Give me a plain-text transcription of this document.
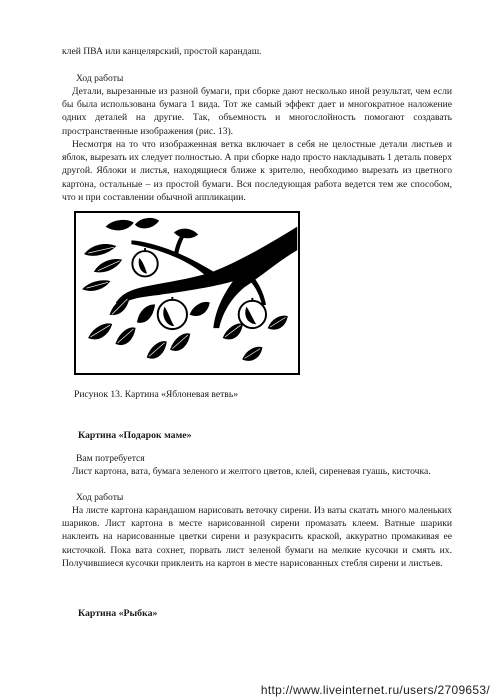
клей ПВА или канцелярский, простой карандаш.

Ход работы

Детали, вырезанные из разной бумаги, при сборке дают несколько иной результат, чем если бы была использована бумага 1 вида. Тот же самый эффект дает и многократное наложение одних деталей на другие. Так, объемность и многослойность помогают создавать пространственные изображения (рис. 13).

Несмотря на то что изображенная ветка включает в себя не целостные детали листьев и яблок, вырезать их следует полностью. А при сборке надо просто накладывать 1 деталь поверх другой. Яблоки и листья, находящиеся ближе к зрителю, необходимо вырезать из цветного картона, остальные – из простой бумаги. Вся последующая работа ведется тем же способом, что и при составлении обычной аппликации.

Рисунок 13. Картина «Яблоневая ветвь»

Картина «Подарок маме»

Вам потребуется

Лист картона, вата, бумага зеленого и желтого цветов, клей, сиреневая гуашь, кисточка.

Ход работы

На листе картона карандашом нарисовать веточку сирени. Из ваты скатать много маленьких шариков. Лист картона в месте нарисованной сирени промазать клеем. Ватные шарики наклеить на нарисованные цветки сирени и разукрасить краской, аккуратно промакивая ее кисточкой. Пока вата сохнет, порвать лист зеленой бумаги на мелкие кусочки и смять их. Получившиеся кусочки приклеить на картон в месте нарисованных стебля сирени и листьев.

Картина «Рыбка»

http://www.liveinternet.ru/users/2709653/
